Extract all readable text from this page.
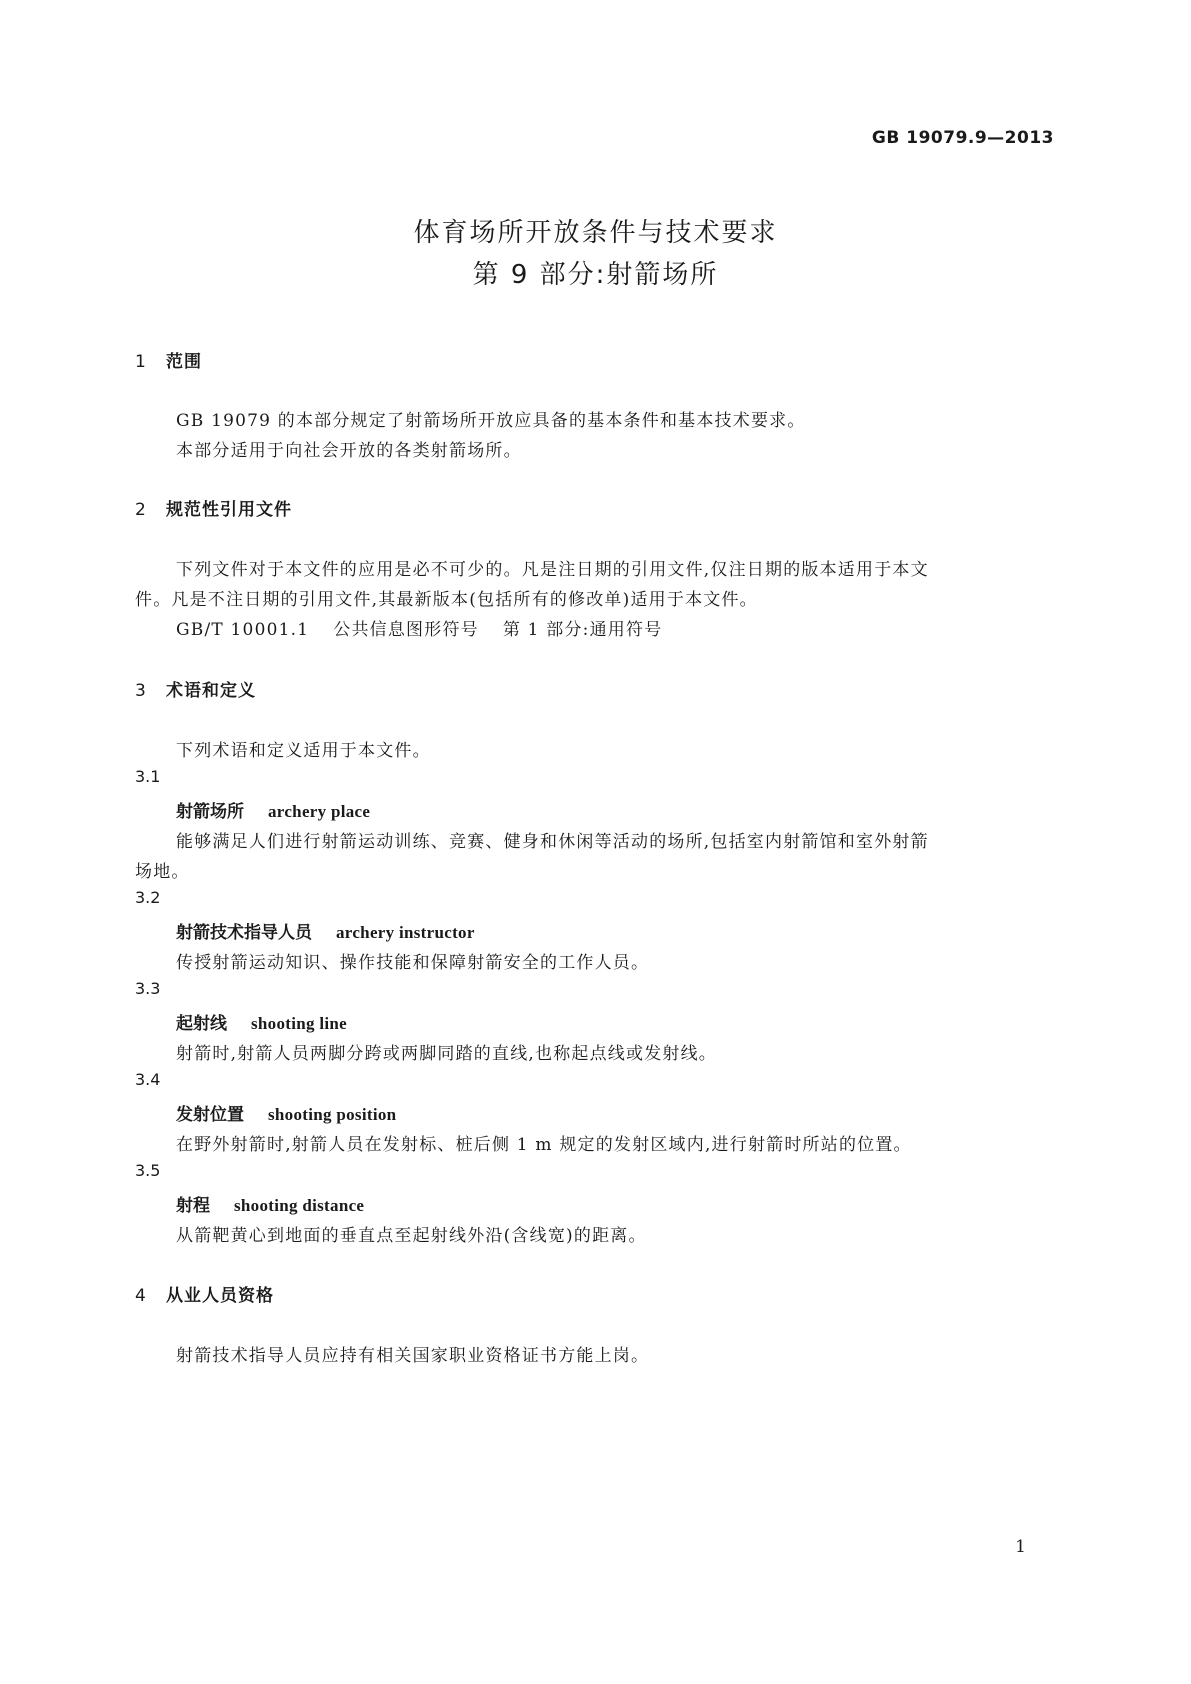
GB 19079.9—2013
体育场所开放条件与技术要求
第 9 部分:射箭场所
1 范围
GB 19079 的本部分规定了射箭场所开放应具备的基本条件和基本技术要求。
本部分适用于向社会开放的各类射箭场所。
2 规范性引用文件
下列文件对于本文件的应用是必不可少的。凡是注日期的引用文件,仅注日期的版本适用于本文
件。凡是不注日期的引用文件,其最新版本(包括所有的修改单)适用于本文件。
GB/T 10001.1 公共信息图形符号 第 1 部分:通用符号
3 术语和定义
下列术语和定义适用于本文件。
3.1
射箭场所 archery place
能够满足人们进行射箭运动训练、竞赛、健身和休闲等活动的场所,包括室内射箭馆和室外射箭
场地。
3.2
射箭技术指导人员 archery instructor
传授射箭运动知识、操作技能和保障射箭安全的工作人员。
3.3
起射线 shooting line
射箭时,射箭人员两脚分跨或两脚同踏的直线,也称起点线或发射线。
3.4
发射位置 shooting position
在野外射箭时,射箭人员在发射标、桩后侧 1 m 规定的发射区域内,进行射箭时所站的位置。
3.5
射程 shooting distance
从箭靶黄心到地面的垂直点至起射线外沿(含线宽)的距离。
4 从业人员资格
射箭技术指导人员应持有相关国家职业资格证书方能上岗。
1
